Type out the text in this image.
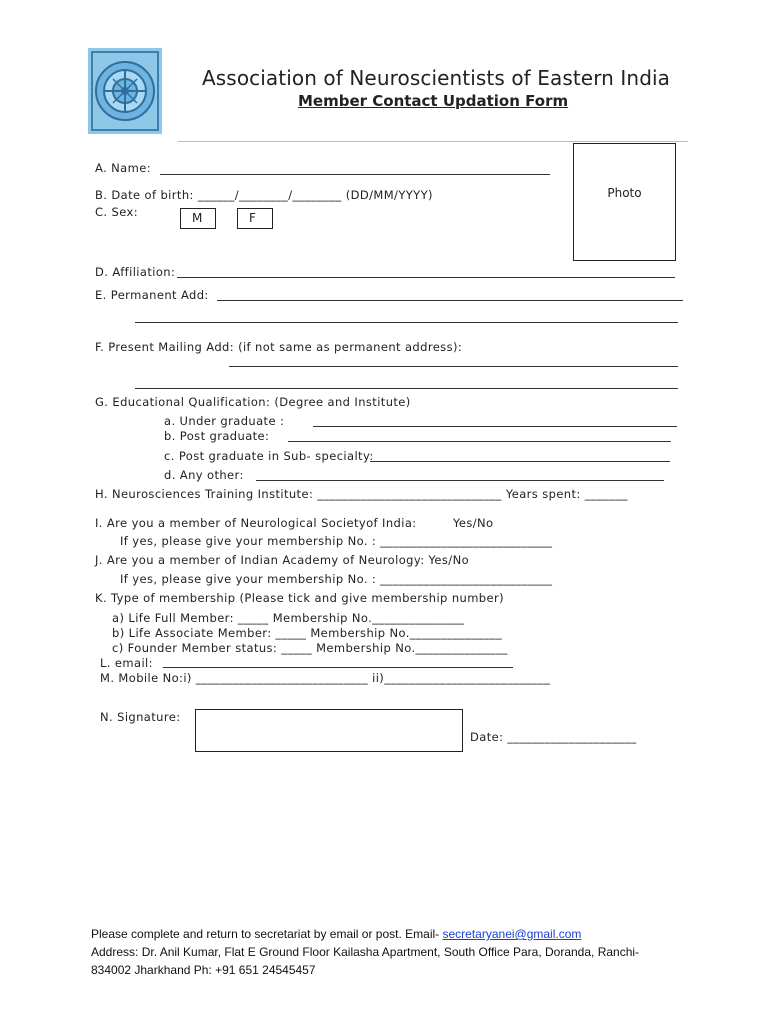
Association of Neuroscientists of Eastern India
Member Contact Updation Form
Photo
A. Name:
B. Date of birth: ______/________/________ (DD/MM/YYYY)
C. Sex:	M	F
D. Affiliation:
E. Permanent Add:
F. Present Mailing Add: (if not same as permanent address):
G. Educational Qualification: (Degree and Institute)
a. Under graduate :
b. Post graduate:
c. Post graduate in Sub- specialty:
d. Any other:
H. Neurosciences Training Institute: ______________________________ Years spent: _______
I. Are you a member of Neurological Societyof India:	Yes/No
If yes, please give your membership No. : ____________________________
J. Are you a member of Indian Academy of Neurology: Yes/No
If yes, please give your membership No. : ____________________________
K. Type of membership (Please tick and give membership number)
a) Life Full Member: _____ Membership No._______________
b) Life Associate Member: _____ Membership No._______________
c) Founder Member status: _____ Membership No._______________
L. email:
M. Mobile No:i) ____________________________ ii)___________________________
N. Signature:
Date: _____________________
Please complete and return to secretariat by email or post. Email- secretaryanei@gmail.com
Address: Dr. Anil Kumar, Flat E Ground Floor Kailasha Apartment, South Office Para, Doranda, Ranchi-
834002 Jharkhand Ph: +91 651 24545457
